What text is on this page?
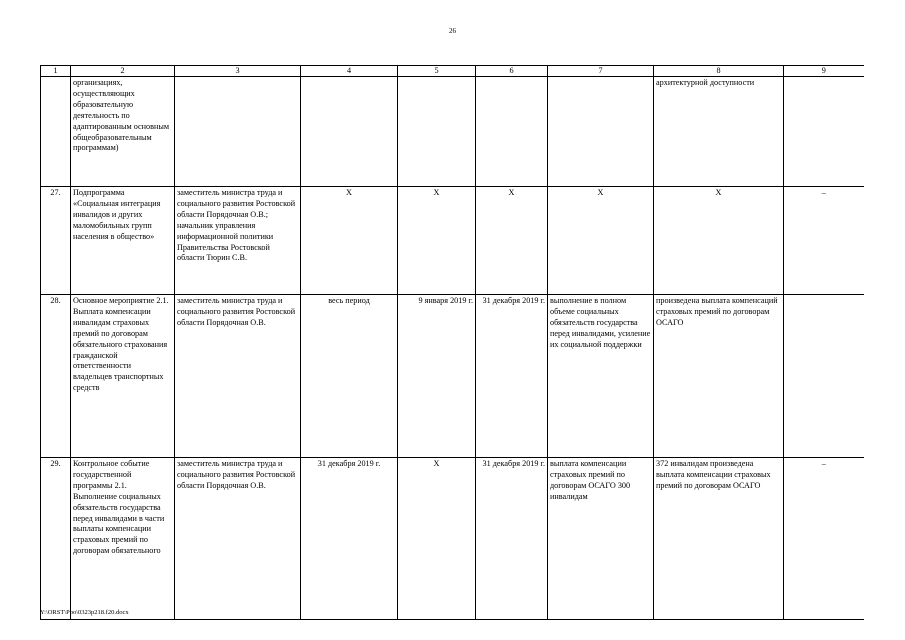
26
1	2	3	4	5	6	7	8	9
	организациях, осуществляющих образовательную деятельность по адаптированным основным общеобразовательным программам)						архитектурной доступности	
27.	Подпрограмма «Социальная интеграция инвалидов и других маломобильных групп населения в общество»	заместитель министра труда и социального развития Ростовской области Порядочная О.В.; начальник управления информационной политики Правительства Ростовской области Тюрин С.В.	Х	Х	Х	Х	Х	–
28.	Основное мероприятие 2.1. Выплата компенсации инвалидам страховых премий по договорам обязательного страхования гражданской ответственности владельцев транспортных средств	заместитель министра труда и социального развития Ростовской области Порядочная О.В.	весь период	9 января 2019 г.	31 декабря 2019 г.	выполнение в полном объеме социальных обязательств государства перед инвалидами, усиление их социальной поддержки	произведена выплата компенсаций страховых премий по договорам ОСАГО	
29.	Контрольное событие государственной программы 2.1. Выполнение социальных обязательств государства перед инвалидами в части выплаты компенсации страховых премий по договорам обязательного	заместитель министра труда и социального развития Ростовской области Порядочная О.В.	31 декабря 2019 г.	Х	31 декабря 2019 г.	выплата компенсации страховых премий по договорам ОСАГО 300 инвалидам	372 инвалидам произведена выплата компенсации страховых премий по договорам ОСАГО	–
Y:\ORST\Ppo\0323p218.f20.docx
